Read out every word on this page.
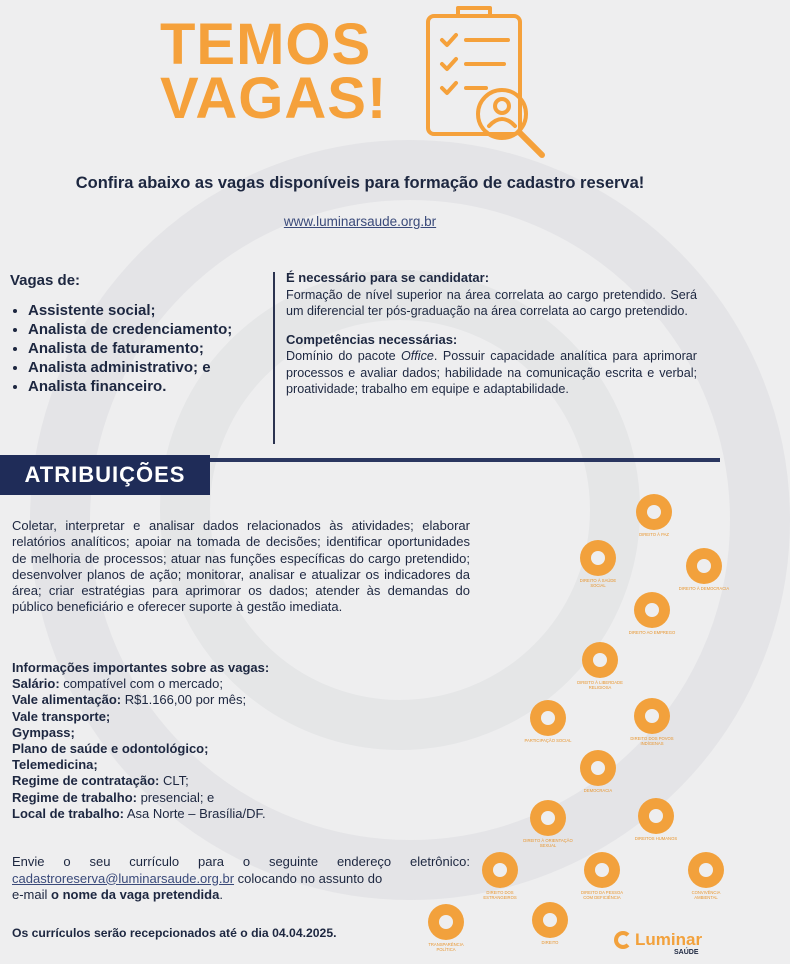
TEMOS
VAGAS!
Confira abaixo as vagas disponíveis para formação de cadastro reserva!
www.luminarsaude.org.br
Vagas de:
• Assistente social;
• Analista de credenciamento;
• Analista de faturamento;
• Analista administrativo; e
• Analista financeiro.
É necessário para se candidatar:

Formação de nível superior na área correlata ao cargo pretendido. Será um diferencial ter pós-graduação na área correlata ao cargo pretendido.

Competências necessárias:

Domínio do pacote Office. Possuir capacidade analítica para aprimorar processos e avaliar dados; habilidade na comunicação escrita e verbal; proatividade; trabalho em equipe e adaptabilidade.

ATRIBUIÇÕES

Coletar, interpretar e analisar dados relacionados às atividades; elaborar relatórios analíticos; apoiar na tomada de decisões; identificar oportunidades de melhoria de processos; atuar nas funções específicas do cargo pretendido; desenvolver planos de ação; monitorar, analisar e atualizar os indicadores da área; criar estratégias para aprimorar os dados; atender às demandas do público beneficiário e oferecer suporte à gestão imediata.

Informações importantes sobre as vagas:
Salário: compatível com o mercado;
Vale alimentação: R$1.166,00 por mês;
Vale transporte;
Gympass;
Plano de saúde e odontológico;
Telemedicina;
Regime de contratação: CLT;
Regime de trabalho: presencial; e
Local de trabalho: Asa Norte – Brasília/DF.

Envie o seu currículo para o seguinte endereço eletrônico:

cadastroreserva@luminarsaude.org.br colocando no assunto do

e-mail o nome da vaga pretendida.

Os currículos serão recepcionados até o dia 04.04.2025.
DIREITO À PAZ
DIREITO À SAÚDE SOCIAL
DIREITO À DEMOCRACIA
DIREITO AO EMPREGO
DIREITO À LIBERDADE RELIGIOSA
PARTICIPAÇÃO SOCIAL	DIREITO DOS POVOS INDÍGENAS
DEMOCRACIA
DIREITO À ORIENTAÇÃO SEXUAL
DIREITOS HUMANOS
DIREITO DOS ESTRANGEIROS
DIREITO DA PESSOA COM DEFICIÊNCIA
CONVIVÊNCIA AMBIENTAL
TRANSPARÊNCIA POLÍTICA
DIREITO	Luminar
SAÚDE
